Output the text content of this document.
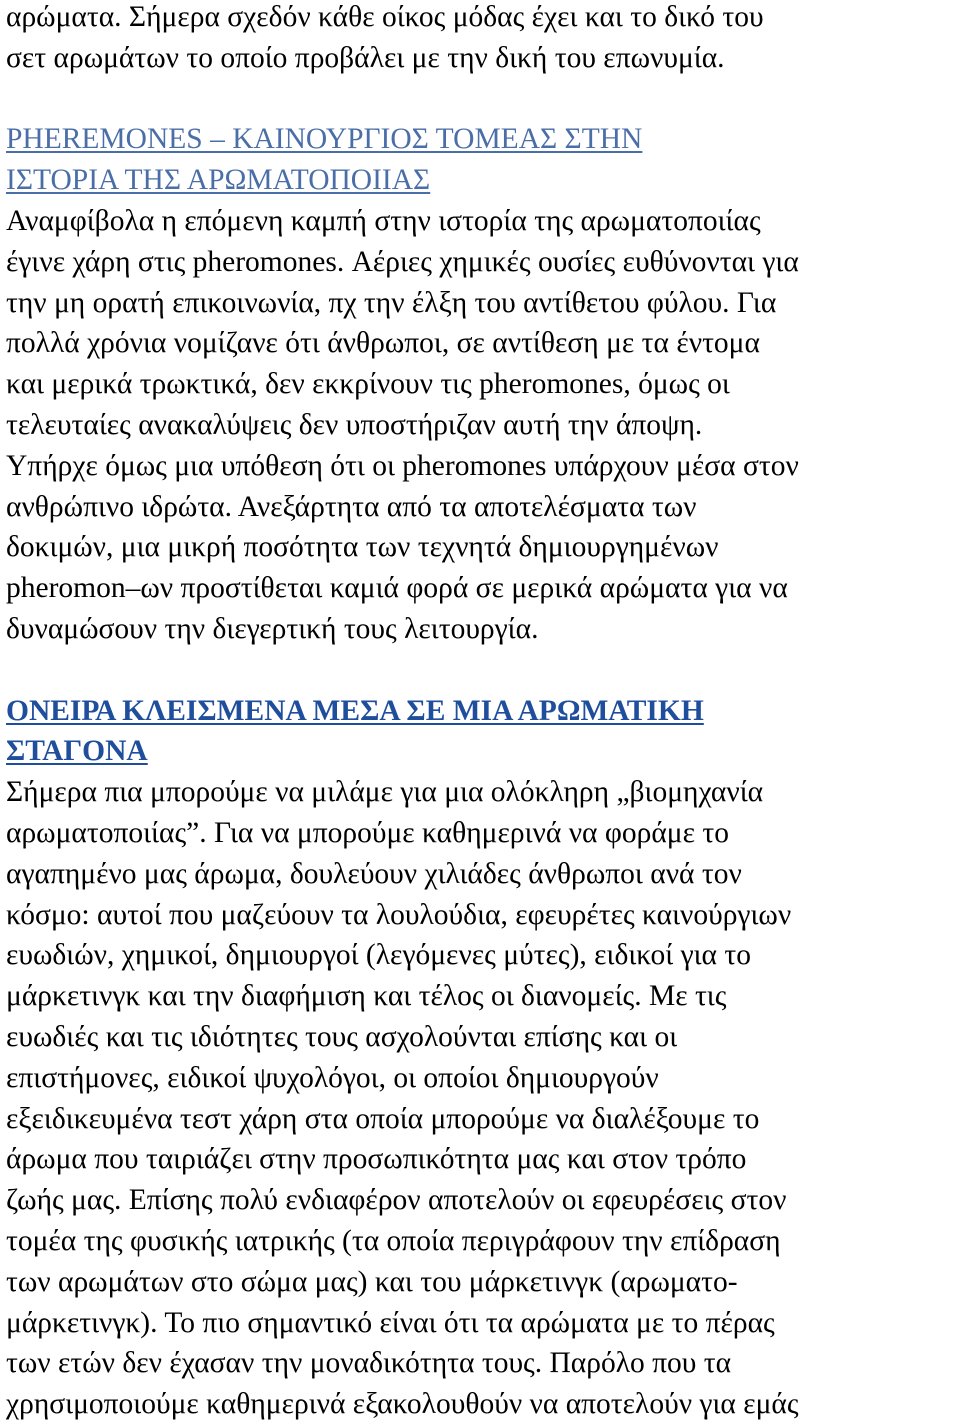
αρώματα. Σήμερα σχεδόν κάθε οίκος μόδας έχει και το δικό του
σετ αρωμάτων το οποίο προβάλει με την δική του επωνυμία.
PHEREMONES – ΚΑΙΝΟΥΡΓΙΟΣ ΤΟΜΕΑΣ ΣΤΗΝ
ΙΣΤΟΡΙΑ ΤΗΣ ΑΡΩΜΑΤΟΠΟΙΙΑΣ
Αναμφίβολα η επόμενη καμπή στην ιστορία της αρωματοποιίας
έγινε χάρη στις pheromones. Αέριες χημικές ουσίες ευθύνονται για
την μη ορατή επικοινωνία, πχ την έλξη του αντίθετου φύλου. Για
πολλά χρόνια νομίζανε ότι άνθρωποι, σε αντίθεση με τα έντομα
και μερικά τρωκτικά, δεν εκκρίνουν τις pheromones, όμως οι
τελευταίες ανακαλύψεις δεν υποστήριζαν αυτή την άποψη.
Υπήρχε όμως μια υπόθεση ότι οι pheromones υπάρχουν μέσα στον
ανθρώπινο ιδρώτα. Ανεξάρτητα από τα αποτελέσματα των
δοκιμών, μια μικρή ποσότητα των τεχνητά δημιουργημένων
pheromon–ων προστίθεται καμιά φορά σε μερικά αρώματα για να
δυναμώσουν την διεγερτική τους λειτουργία.
ΟΝΕΙΡΑ ΚΛΕΙΣΜΕΝΑ ΜΕΣΑ ΣΕ ΜΙΑ ΑΡΩΜΑΤΙΚΗ
ΣΤΑΓΟΝΑ
Σήμερα πια μπορούμε να μιλάμε για μια ολόκληρη „βιομηχανία
αρωματοποιίας”. Για να μπορούμε καθημερινά να φοράμε το
αγαπημένο μας άρωμα, δουλεύουν χιλιάδες άνθρωποι ανά τον
κόσμο: αυτοί που μαζεύουν τα λουλούδια, εφευρέτες καινούργιων
ευωδιών, χημικοί, δημιουργοί (λεγόμενες μύτες), ειδικοί για το
μάρκετινγκ και την διαφήμιση και τέλος οι διανομείς. Με τις
ευωδιές και τις ιδιότητες τους ασχολούνται επίσης και οι
επιστήμονες, ειδικοί ψυχολόγοι, οι οποίοι δημιουργούν
εξειδικευμένα τεστ χάρη στα οποία μπορούμε να διαλέξουμε το
άρωμα που ταιριάζει στην προσωπικότητα μας και στον τρόπο
ζωής μας. Επίσης πολύ ενδιαφέρον αποτελούν οι εφευρέσεις στον
τομέα της φυσικής ιατρικής (τα οποία περιγράφουν την επίδραση
των αρωμάτων στο σώμα μας) και του μάρκετινγκ (αρωματο-
μάρκετινγκ). Το πιο σημαντικό είναι ότι τα αρώματα με το πέρας
των ετών δεν έχασαν την μοναδικότητα τους. Παρόλο που τα
χρησιμοποιούμε καθημερινά εξακολουθούν να αποτελούν για εμάς
